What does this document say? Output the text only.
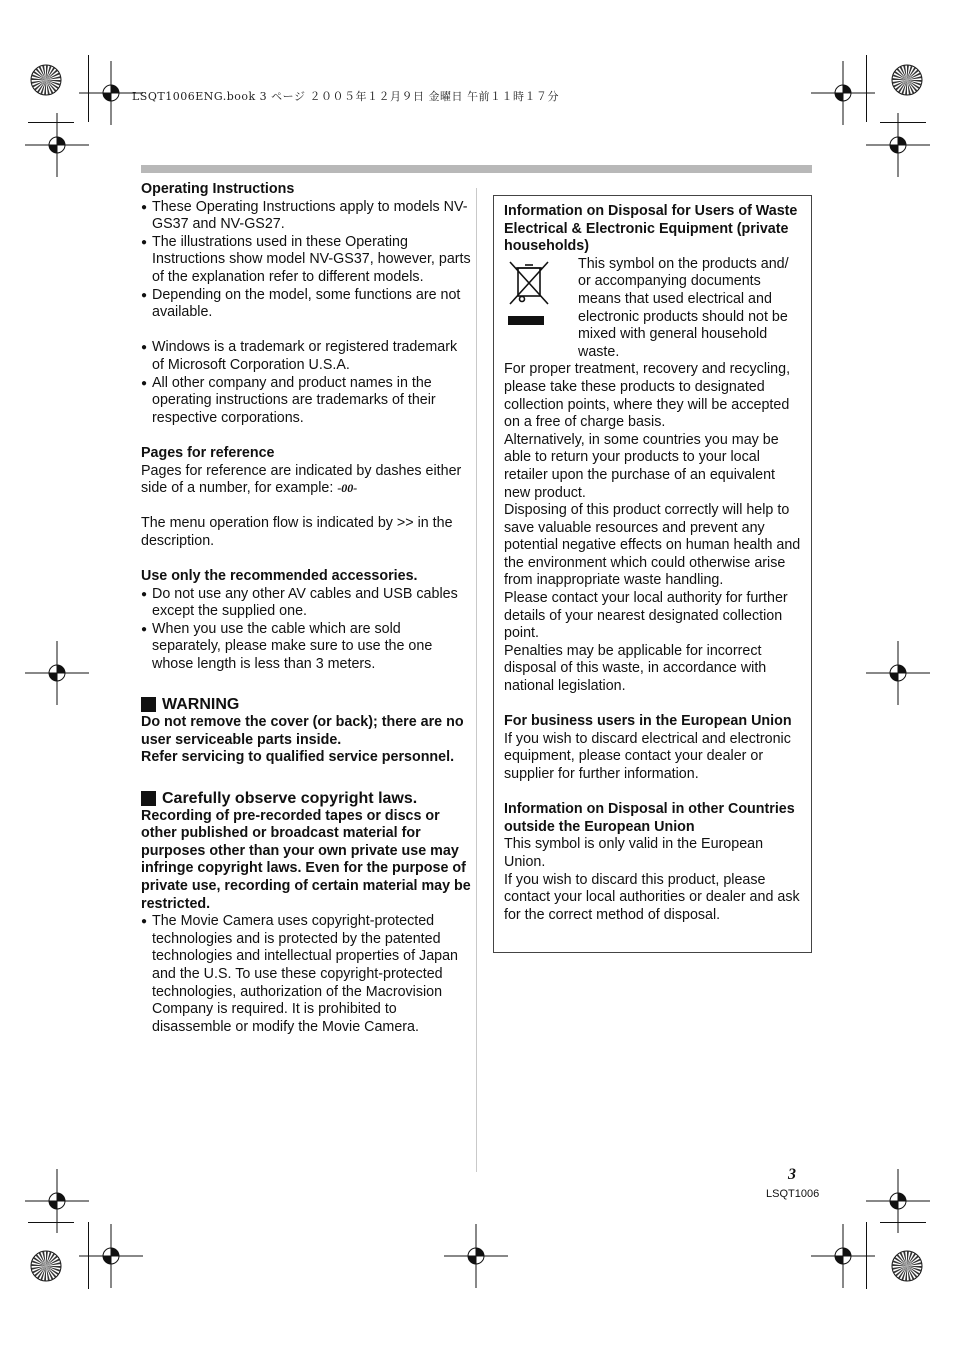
LSQT1006ENG.book 3 ページ ２００５年１２月９日 金曜日 午前１１時１７分

Operating Instructions

● These Operating Instructions apply to models NV-GS37 and NV-GS27.
● The illustrations used in these Operating Instructions show model NV-GS37, however, parts of the explanation refer to different models.
● Depending on the model, some functions are not available.
● Windows is a trademark or registered trademark of Microsoft Corporation U.S.A.
● All other company and product names in the operating instructions are trademarks of their respective corporations.

Pages for reference

Pages for reference are indicated by dashes either side of a number, for example: -00-

The menu operation flow is indicated by >> in the description.

Use only the recommended accessories.

● Do not use any other AV cables and USB cables except the supplied one.
● When you use the cable which are sold separately, please make sure to use the one whose length is less than 3 meters.
WARNING

Do not remove the cover (or back); there are no user serviceable parts inside.

Refer servicing to qualified service personnel.

Carefully observe copyright laws.

Recording of pre-recorded tapes or discs or other published or broadcast material for purposes other than your own private use may infringe copyright laws. Even for the purpose of private use, recording of certain material may be restricted.

● The Movie Camera uses copyright-protected technologies and is protected by the patented technologies and intellectual properties of Japan and the U.S. To use these copyright-protected technologies, authorization of the Macrovision Company is required. It is prohibited to disassemble or modify the Movie Camera.

Information on Disposal for Users of Waste Electrical & Electronic Equipment (private households)

This symbol on the products and/ or accompanying documents means that used electrical and electronic products should not be mixed with general household waste.

For proper treatment, recovery and recycling, please take these products to designated collection points, where they will be accepted on a free of charge basis.

Alternatively, in some countries you may be able to return your products to your local retailer upon the purchase of an equivalent new product.

Disposing of this product correctly will help to save valuable resources and prevent any potential negative effects on human health and the environment which could otherwise arise from inappropriate waste handling.

Please contact your local authority for further details of your nearest designated collection point.

Penalties may be applicable for incorrect disposal of this waste, in accordance with national legislation.

For business users in the European Union

If you wish to discard electrical and electronic equipment, please contact your dealer or supplier for further information.

Information on Disposal in other Countries outside the European Union

This symbol is only valid in the European Union.

If you wish to discard this product, please contact your local authorities or dealer and ask for the correct method of disposal.

3
LSQT1006
